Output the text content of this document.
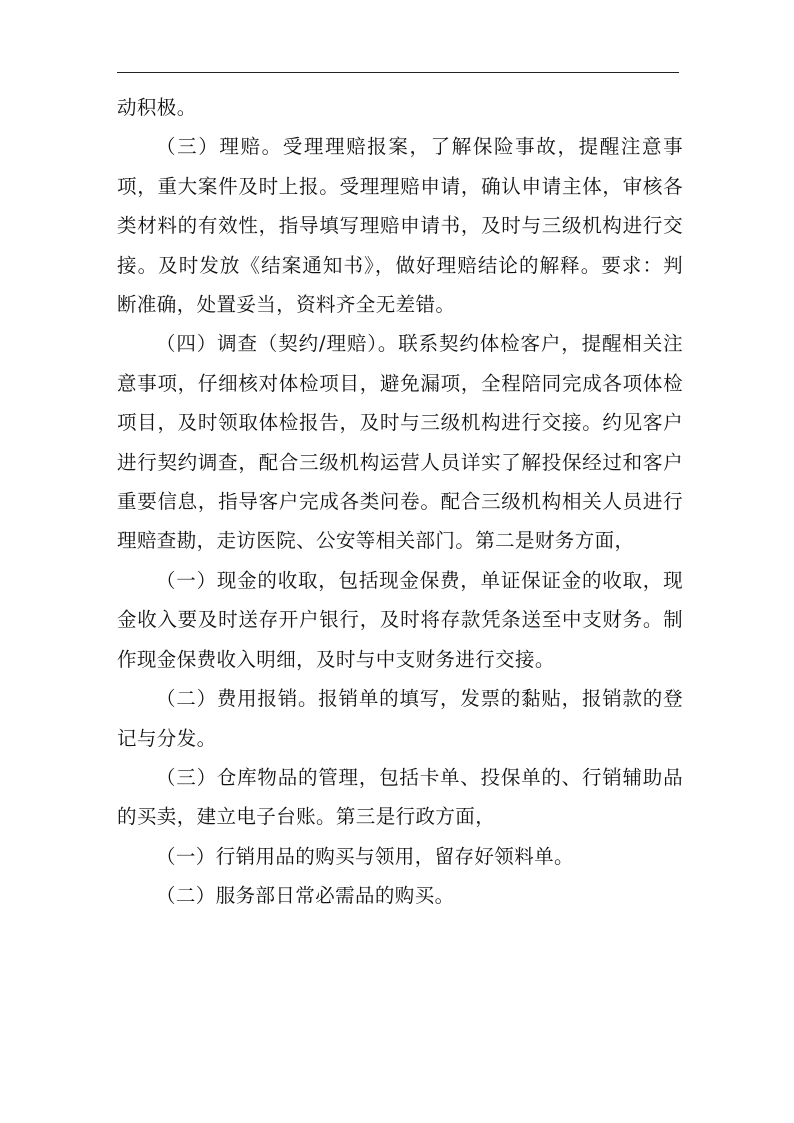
动积极。

（三）理赔。受理理赔报案，了解保险事故，提醒注意事项，重大案件及时上报。受理理赔申请，确认申请主体，审核各类材料的有效性，指导填写理赔申请书，及时与三级机构进行交接。及时发放《结案通知书》，做好理赔结论的解释。要求：判断准确，处置妥当，资料齐全无差错。

（四）调查（契约/理赔）。联系契约体检客户，提醒相关注意事项，仔细核对体检项目，避免漏项，全程陪同完成各项体检项目，及时领取体检报告，及时与三级机构进行交接。约见客户进行契约调查，配合三级机构运营人员详实了解投保经过和客户重要信息，指导客户完成各类问卷。配合三级机构相关人员进行理赔查勘，走访医院、公安等相关部门。第二是财务方面，

（一）现金的收取，包括现金保费，单证保证金的收取，现金收入要及时送存开户银行，及时将存款凭条送至中支财务。制作现金保费收入明细，及时与中支财务进行交接。

（二）费用报销。报销单的填写，发票的黏贴，报销款的登记与分发。

（三）仓库物品的管理，包括卡单、投保单的、行销辅助品的买卖，建立电子台账。第三是行政方面，

（一）行销用品的购买与领用，留存好领料单。

（二）服务部日常必需品的购买。
